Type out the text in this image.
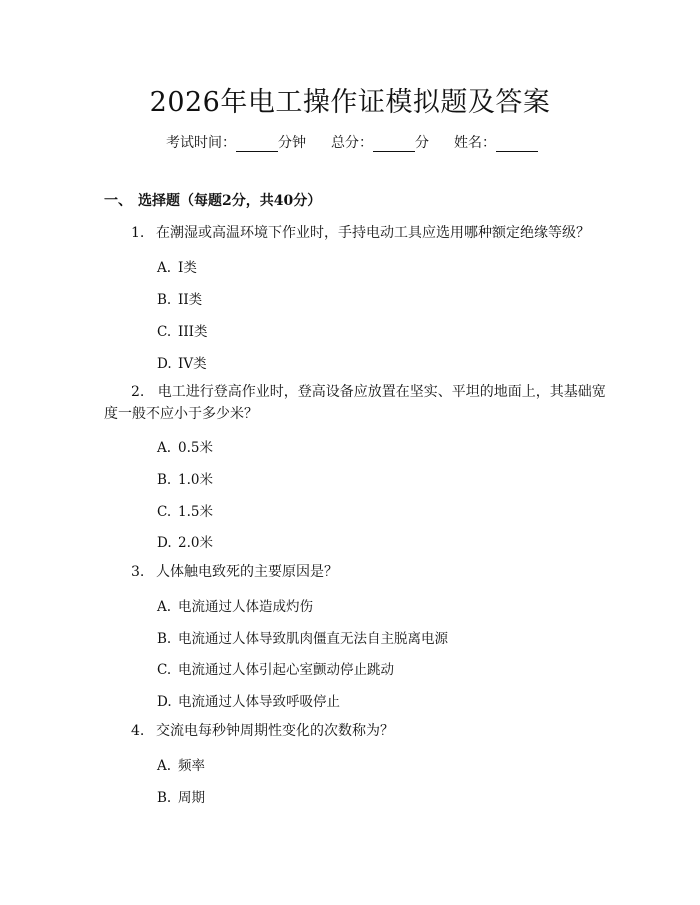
2026年电工操作证模拟题及答案
考试时间：	分钟 总分：	分 姓名：
一、 选择题（每题2分，共40分）
1. 在潮湿或高温环境下作业时，手持电动工具应选用哪种额定绝缘等级？
A. I类
B. II类
C. III类
D. IV类
2. 电工进行登高作业时，登高设备应放置在坚实、平坦的地面上，其基础宽度一般不应小于多少米？
A. 0.5米
B. 1.0米
C. 1.5米
D. 2.0米
3. 人体触电致死的主要原因是？
A. 电流通过人体造成灼伤
B. 电流通过人体导致肌肉僵直无法自主脱离电源
C. 电流通过人体引起心室颤动停止跳动
D. 电流通过人体导致呼吸停止
4. 交流电每秒钟周期性变化的次数称为？
A. 频率
B. 周期
